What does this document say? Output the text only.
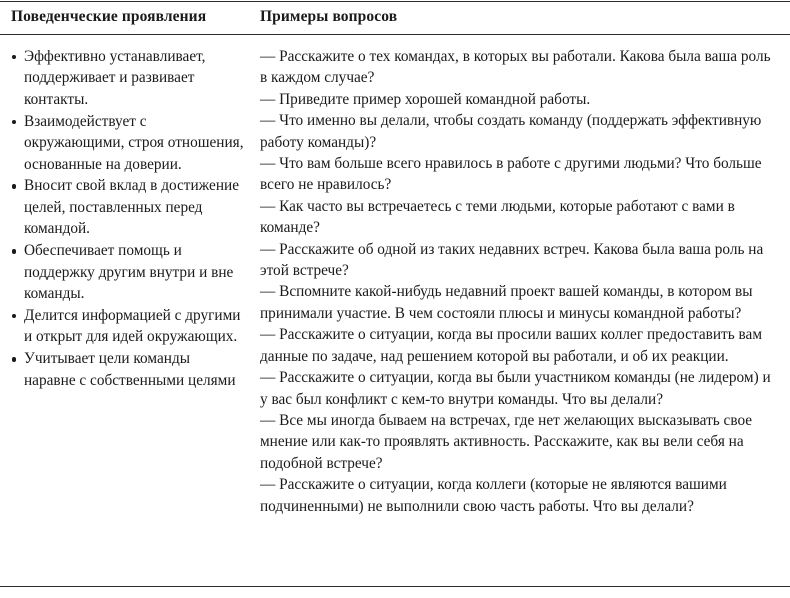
Поведенческие проявления	Примеры вопросов
Эффективно устанавливает, поддерживает и развивает контакты.
Взаимодействует с окружающими, строя отношения, основанные на доверии.
Вносит свой вклад в достижение целей, поставленных перед командой.
Обеспечивает помощь и поддержку другим внутри и вне команды.
Делится информацией с другими и открыт для идей окружающих.
Учитывает цели команды наравне с собственными целями

— Расскажите о тех командах, в которых вы работали. Какова была ваша роль в каждом случае?

— Приведите пример хорошей командной работы.

— Что именно вы делали, чтобы создать команду (поддержать эффективную работу команды)?

— Что вам больше всего нравилось в работе с другими людьми? Что больше всего не нравилось?

— Как часто вы встречаетесь с теми людьми, которые работают с вами в команде?

— Расскажите об одной из таких недавних встреч. Какова была ваша роль на этой встрече?

— Вспомните какой-нибудь недавний проект вашей команды, в котором вы принимали участие. В чем состояли плюсы и минусы командной работы?

— Расскажите о ситуации, когда вы просили ваших коллег предоставить вам данные по задаче, над решением которой вы работали, и об их реакции.

— Расскажите о ситуации, когда вы были участником команды (не лидером) и у вас был конфликт с кем-то внутри команды. Что вы делали?

— Все мы иногда бываем на встречах, где нет желающих высказывать свое мнение или как-то проявлять активность. Расскажите, как вы вели себя на подобной встрече?

— Расскажите о ситуации, когда коллеги (которые не являются вашими подчиненными) не выполнили свою часть работы. Что вы делали?
